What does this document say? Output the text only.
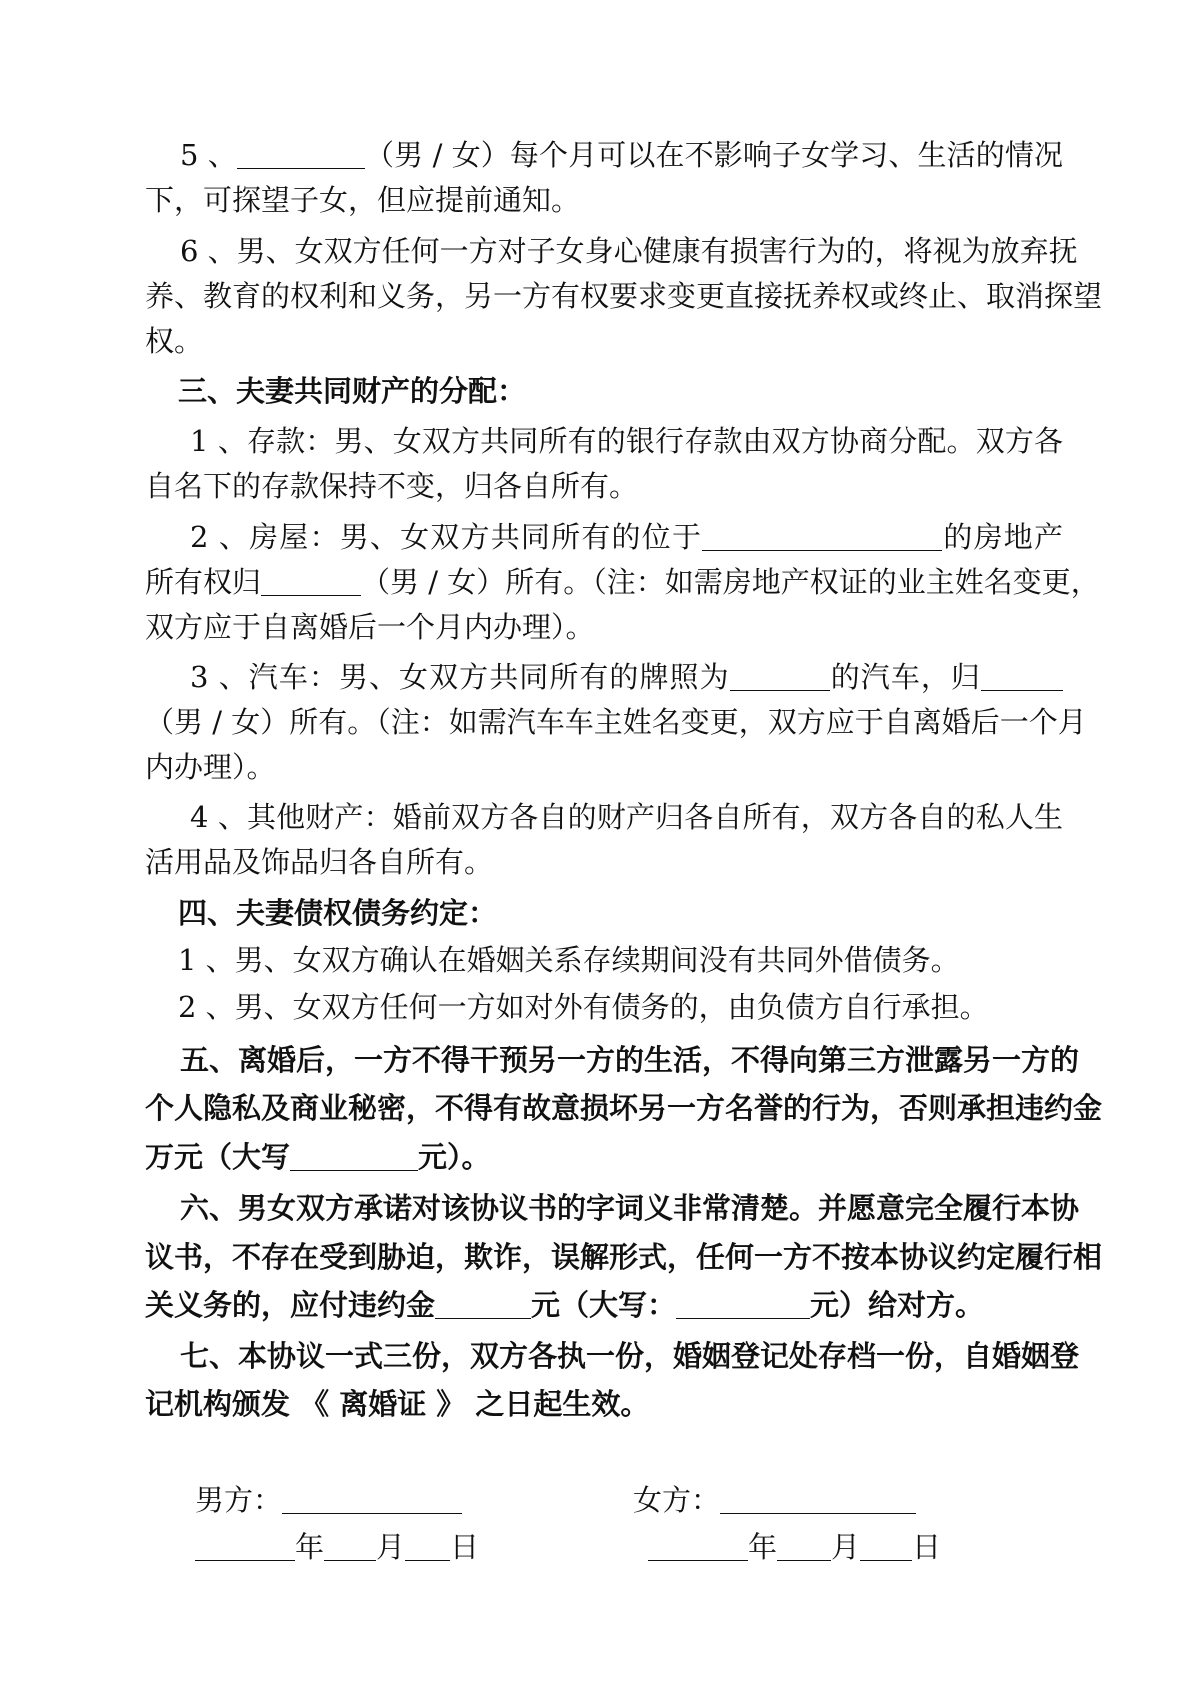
5 、	（男 / 女）每个月可以在不影响子女学习、生活的情况
下，可探望子女，但应提前通知。
6 、男、女双方任何一方对子女身心健康有损害行为的，将视为放弃抚
养、教育的权利和义务，另一方有权要求变更直接抚养权或终止、取消探望
权。
三、夫妻共同财产的分配：
1 、存款：男、女双方共同所有的银行存款由双方协商分配。双方各
自名下的存款保持不变，归各自所有。
2 、房屋：男、女双方共同所有的位于	的房地产
所有权归	（男 / 女）所有。（注：如需房地产权证的业主姓名变更，
双方应于自离婚后一个月内办理）。
3 、汽车：男、女双方共同所有的牌照为	的汽车，归
（男 / 女）所有。（注：如需汽车车主姓名变更，双方应于自离婚后一个月
内办理）。
4 、其他财产：婚前双方各自的财产归各自所有，双方各自的私人生
活用品及饰品归各自所有。
四、夫妻债权债务约定：
1 、男、女双方确认在婚姻关系存续期间没有共同外借债务。
2 、男、女双方任何一方如对外有债务的，由负债方自行承担。
五、离婚后，一方不得干预另一方的生活，不得向第三方泄露另一方的
个人隐私及商业秘密，不得有故意损坏另一方名誉的行为，否则承担违约金
万元（大写	元）。
六、男女双方承诺对该协议书的字词义非常清楚。并愿意完全履行本协
议书，不存在受到胁迫，欺诈，误解形式，任何一方不按本协议约定履行相
关义务的，应付违约金	元（大写：	元）给对方。
七、本协议一式三份，双方各执一份，婚姻登记处存档一份，自婚姻登
记机构颁发 《 离婚证 》 之日起生效。
男方：	女方：
年 月 日	年 月 日
